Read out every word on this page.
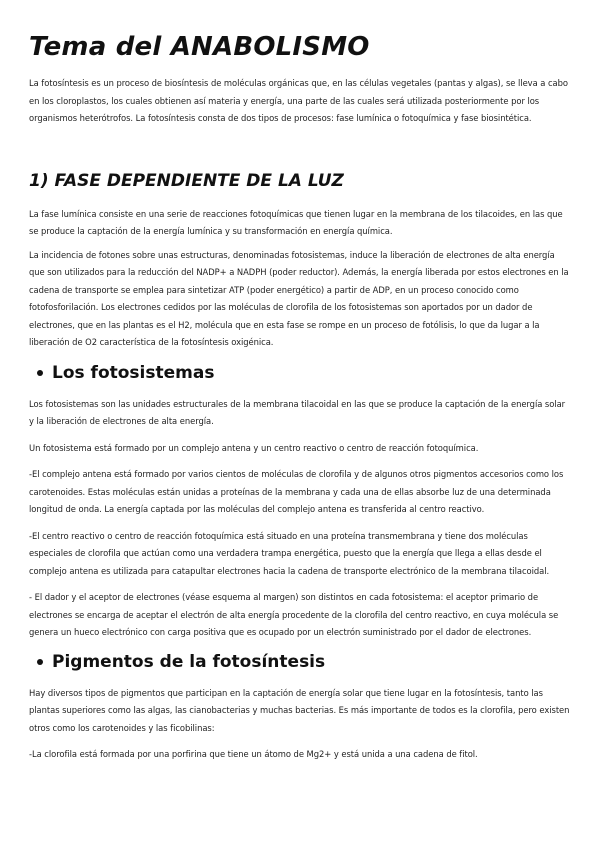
Tema del ANABOLISMO

La fotosíntesis es un proceso de biosíntesis de moléculas orgánicas que, en las células vegetales (pantas y algas), se lleva a cabo en los cloroplastos, los cuales obtienen así materia y energía, una parte de las cuales será utilizada posteriormente por los organismos heterótrofos. La fotosíntesis consta de dos tipos de procesos: fase lumínica o fotoquímica y fase biosintética.

1) FASE DEPENDIENTE DE LA LUZ

La fase lumínica consiste en una serie de reacciones fotoquímicas que tienen lugar en la membrana de los tilacoides, en las que se produce la captación de la energía lumínica y su transformación en energía química.

La incidencia de fotones sobre unas estructuras, denominadas fotosistemas, induce la liberación de electrones de alta energía que son utilizados para la reducción del NADP+ a NADPH (poder reductor). Además, la energía liberada por estos electrones en la cadena de transporte se emplea para sintetizar ATP (poder energético) a partir de ADP, en un proceso conocido como fotofosforilación. Los electrones cedidos por las moléculas de clorofila de los fotosistemas son aportados por un dador de electrones, que en las plantas es el H2, molécula que en esta fase se rompe en un proceso de fotólisis, lo que da lugar a la liberación de O2 característica de la fotosíntesis oxigénica.

Los fotosistemas

Los fotosistemas son las unidades estructurales de la membrana tilacoidal en las que se produce la captación de la energía solar y la liberación de electrones de alta energía.

Un fotosistema está formado por un complejo antena y un centro reactivo o centro de reacción fotoquímica.

-El complejo antena está formado por varios cientos de moléculas de clorofila y de algunos otros pigmentos accesorios como los carotenoides. Estas moléculas están unidas a proteínas de la membrana y cada una de ellas absorbe luz de una determinada longitud de onda. La energía captada por las moléculas del complejo antena es transferida al centro reactivo.

-El centro reactivo o centro de reacción fotoquímica está situado en una proteína transmembrana y tiene dos moléculas especiales de clorofila que actúan como una verdadera trampa energética, puesto que la energía que llega a ellas desde el complejo antena es utilizada para catapultar electrones hacia la cadena de transporte electrónico de la membrana tilacoidal.

- El dador y el aceptor de electrones (véase esquema al margen) son distintos en cada fotosistema: el aceptor primario de electrones se encarga de aceptar el electrón de alta energía procedente de la clorofila del centro reactivo, en cuya molécula se genera un hueco electrónico con carga positiva que es ocupado por un electrón suministrado por el dador de electrones.

Pigmentos de la fotosíntesis

Hay diversos tipos de pigmentos que participan en la captación de energía solar que tiene lugar en la fotosíntesis, tanto las plantas superiores como las algas, las cianobacterias y muchas bacterias. Es más importante de todos es la clorofila, pero existen otros como los carotenoides y las ficobilinas:

-La clorofila está formada por una porfirina que tiene un átomo de Mg2+ y está unida a una cadena de fitol.
